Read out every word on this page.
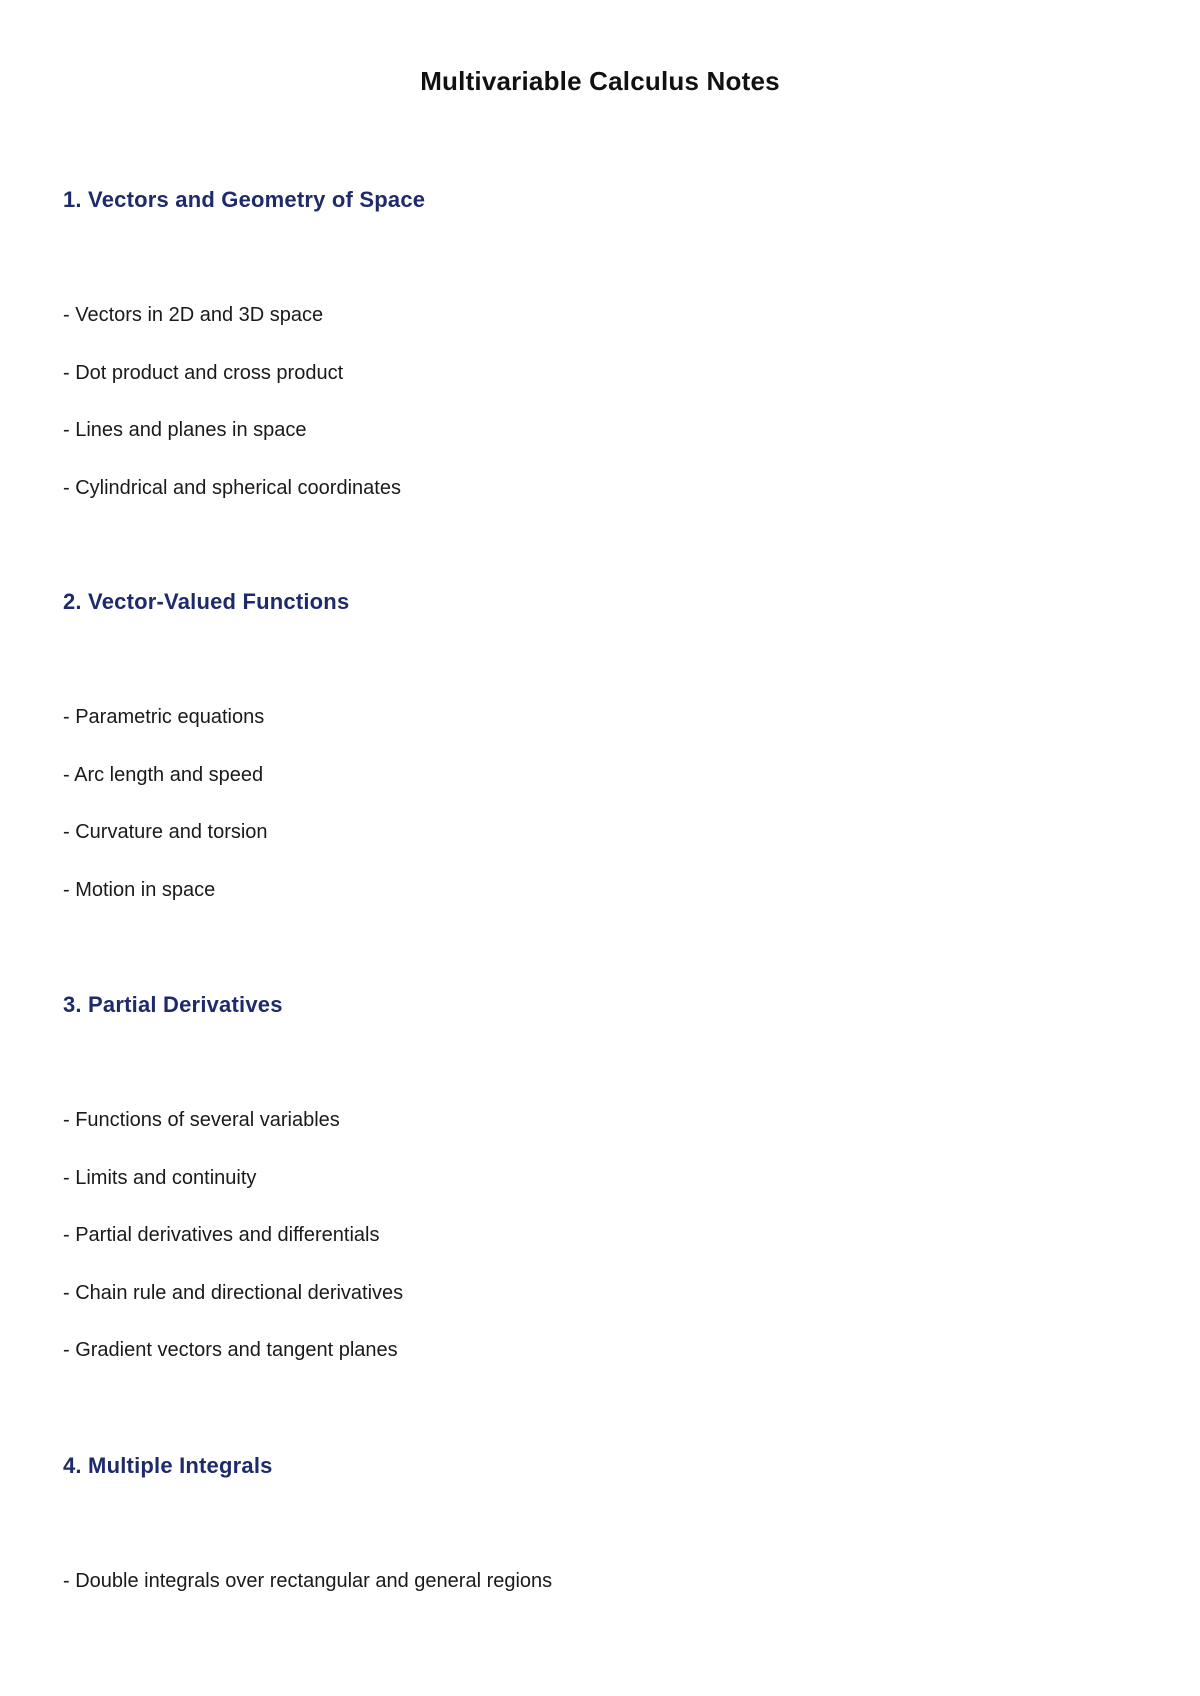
Multivariable Calculus Notes
1. Vectors and Geometry of Space
- Vectors in 2D and 3D space
- Dot product and cross product
- Lines and planes in space
- Cylindrical and spherical coordinates
2. Vector-Valued Functions
- Parametric equations
- Arc length and speed
- Curvature and torsion
- Motion in space
3. Partial Derivatives
- Functions of several variables
- Limits and continuity
- Partial derivatives and differentials
- Chain rule and directional derivatives
- Gradient vectors and tangent planes
4. Multiple Integrals
- Double integrals over rectangular and general regions
